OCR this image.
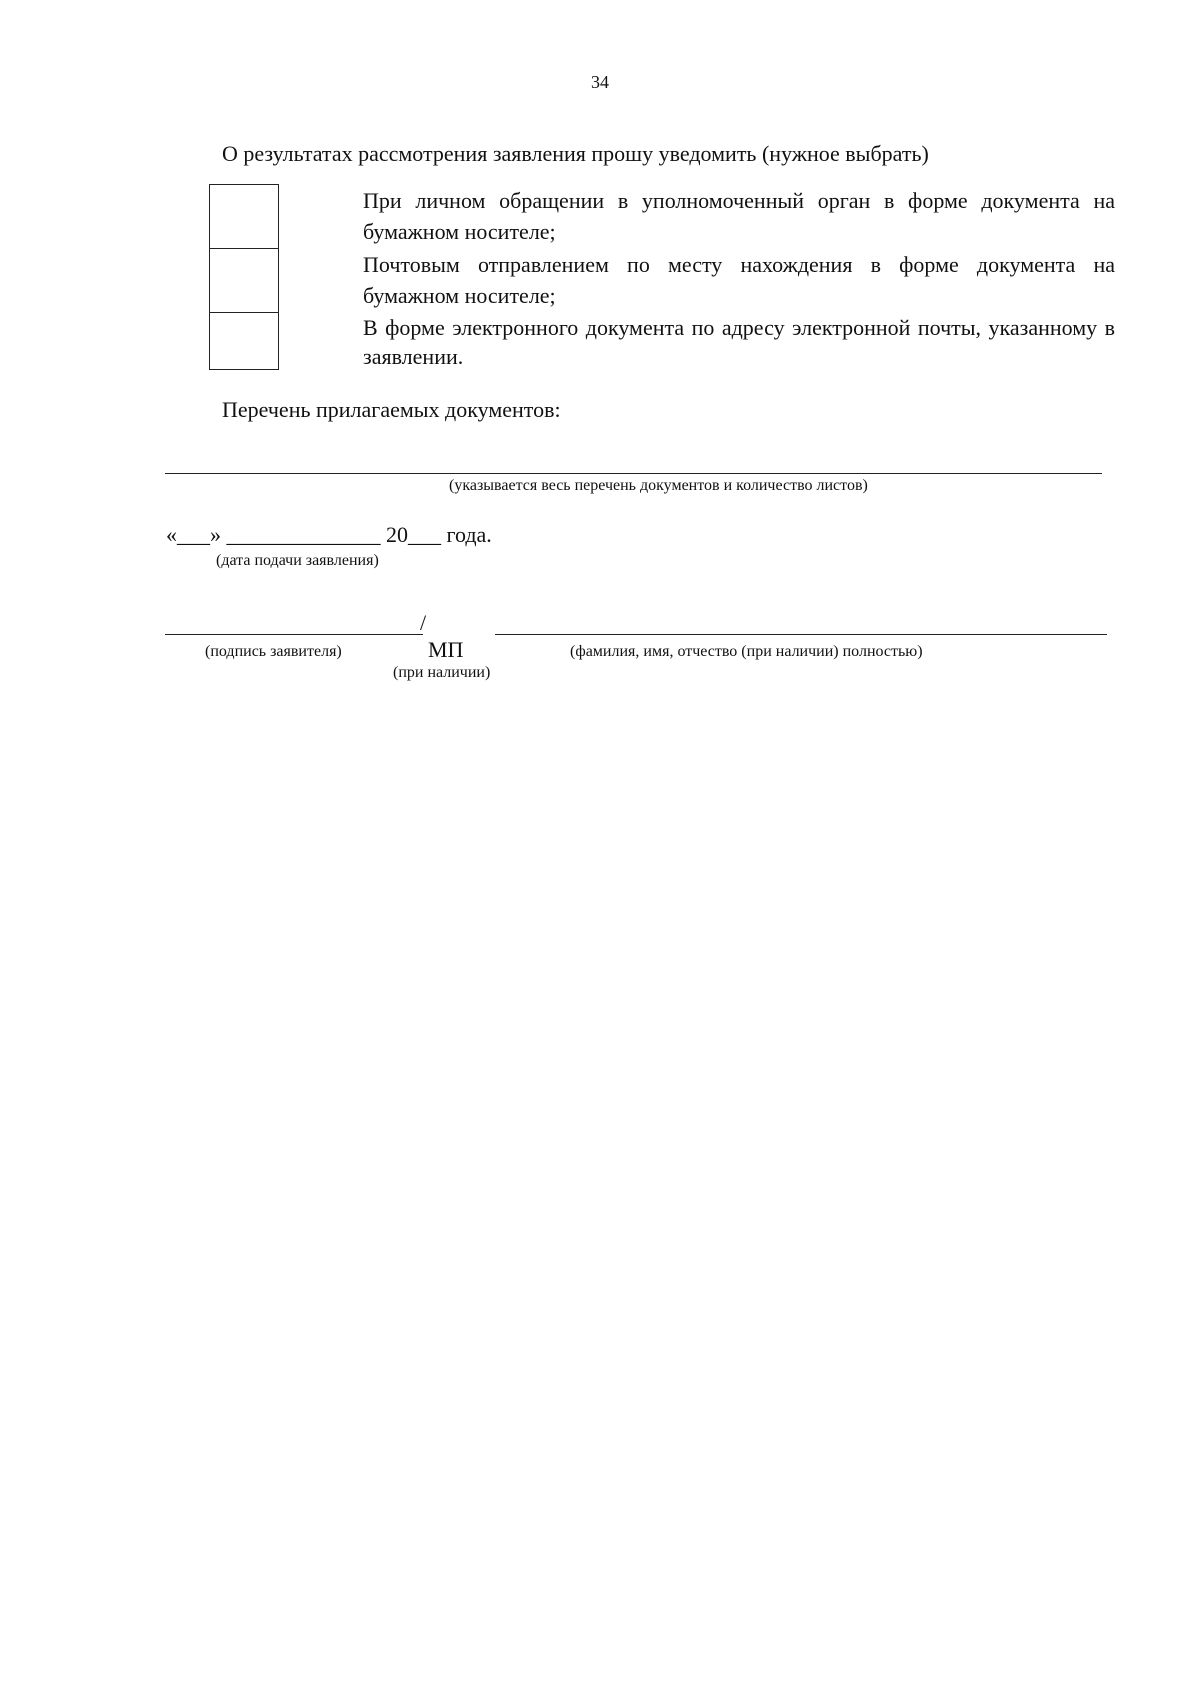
34
О результатах рассмотрения заявления прошу уведомить (нужное выбрать)
При личном обращении в уполномоченный орган в форме документа на бумажном носителе;
Почтовым отправлением по месту нахождения в форме документа на бумажном носителе;
В форме электронного документа по адресу электронной почты, указанному в заявлении.
Перечень прилагаемых документов:
(указывается весь перечень документов и количество листов)
«___» ______________ 20___ года.
(дата подачи заявления)
/
(подпись заявителя)	МП
(при наличии)
(фамилия, имя, отчество (при наличии) полностью)
